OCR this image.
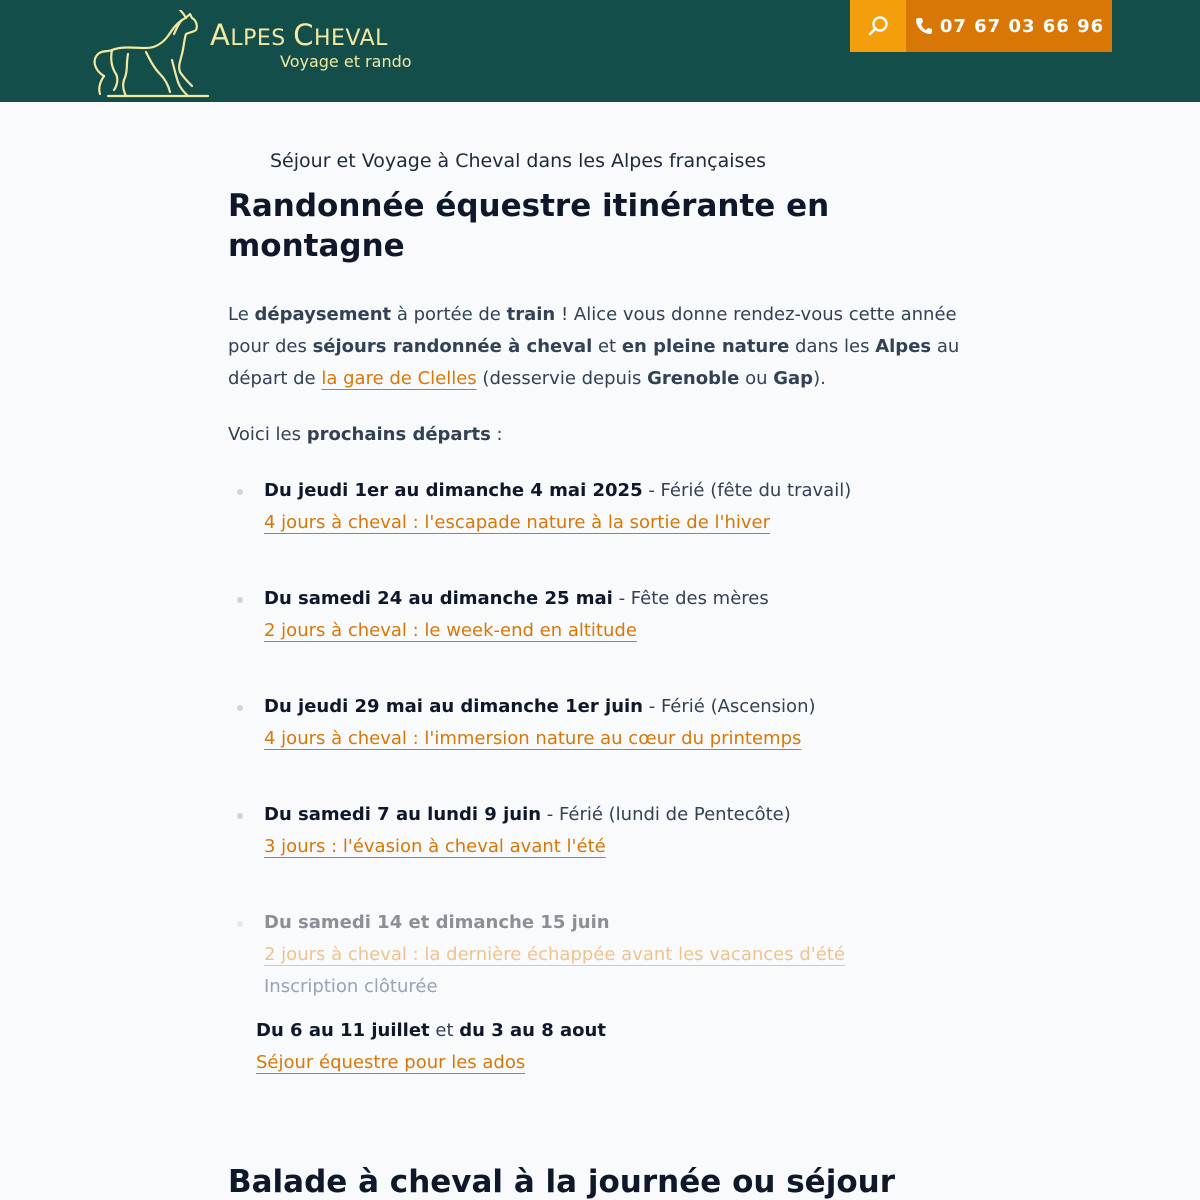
ALPES CHEVAL
Voyage et rando
07 67 03 66 96
Séjour et Voyage à Cheval dans les Alpes françaises
Randonnée équestre itinérante en montagne

Le dépaysement à portée de train ! Alice vous donne rendez-vous cette année pour des séjours randonnée à cheval et en pleine nature dans les Alpes au départ de la gare de Clelles (desservie depuis Grenoble ou Gap).

Voici les prochains départs :

Du jeudi 1er au dimanche 4 mai 2025 - Férié (fête du travail)
4 jours à cheval : l'escapade nature à la sortie de l'hiver
Du samedi 24 au dimanche 25 mai - Fête des mères
2 jours à cheval : le week-end en altitude
Du jeudi 29 mai au dimanche 1er juin - Férié (Ascension)
4 jours à cheval : l'immersion nature au cœur du printemps
Du samedi 7 au lundi 9 juin - Férié (lundi de Pentecôte)
3 jours : l'évasion à cheval avant l'été
Du samedi 14 et dimanche 15 juin
2 jours à cheval : la dernière échappée avant les vacances d'été
Inscription clôturée
Du 6 au 11 juillet et du 3 au 8 aout
Séjour équestre pour les ados
Balade à cheval à la journée ou séjour
